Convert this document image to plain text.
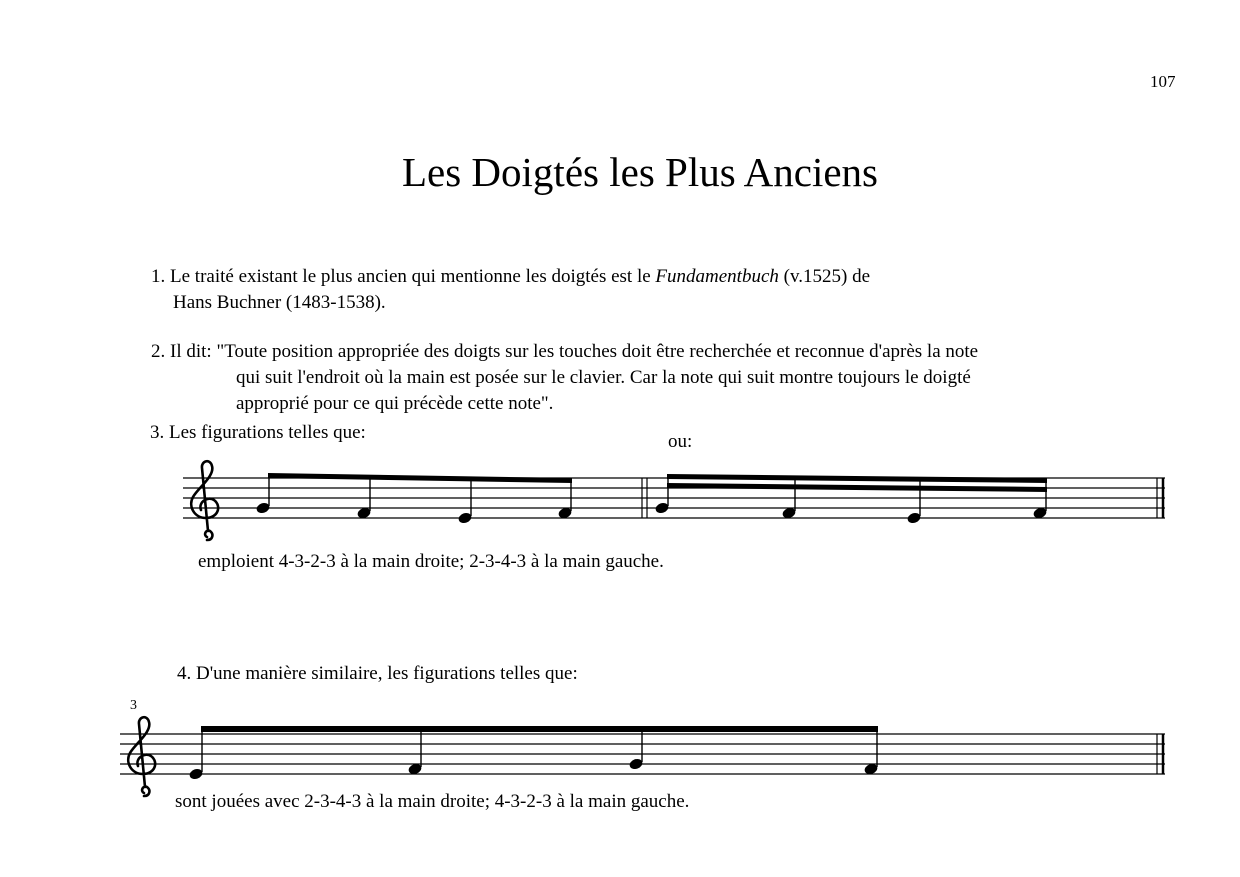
107
Les Doigtés les Plus Anciens
1. Le traité existant le plus ancien qui mentionne les doigtés est le Fundamentbuch (v.1525) de
Hans Buchner (1483-1538).
2. Il dit: "Toute position appropriée des doigts sur les touches doit être recherchée et reconnue d'après la note
qui suit l'endroit où la main est posée sur le clavier. Car la note qui suit montre toujours le doigté
approprié pour ce qui précède cette note".
3. Les figurations telles que:	ou:
emploient 4-3-2-3 à la main droite; 2-3-4-3 à la main gauche.
4. D'une manière similaire, les figurations telles que:
3
sont jouées avec 2-3-4-3 à la main droite; 4-3-2-3 à la main gauche.
